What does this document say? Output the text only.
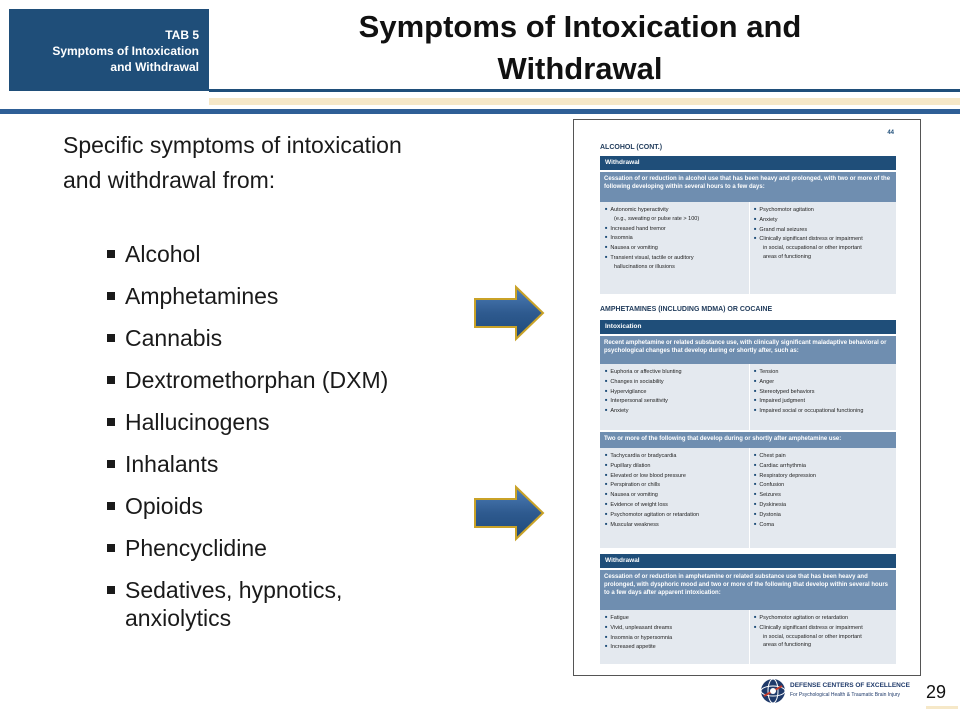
TAB 5
Symptoms of Intoxication
and Withdrawal
Symptoms of Intoxication and
Withdrawal
Specific symptoms of intoxication and withdrawal from:
Alcohol
Amphetamines
Cannabis
Dextromethorphan (DXM)
Hallucinogens
Inhalants
Opioids
Phencyclidine
Sedatives, hypnotics, anxiolytics
44
ALCOHOL (CONT.)
Withdrawal
Cessation of or reduction in alcohol use that has been heavy and prolonged, with two or more of the following developing within several hours to a few days:
■ Autonomic hyperactivity
(e.g., sweating or pulse rate > 100)
■ Increased hand tremor
■ Insomnia
■ Nausea or vomiting
■ Transient visual, tactile or auditory
hallucinations or illusions
■ Psychomotor agitation
■ Anxiety
■ Grand mal seizures
■ Clinically significant distress or impairment
in social, occupational or other important
areas of functioning
AMPHETAMINES (INCLUDING MDMA) OR COCAINE
Intoxication
Recent amphetamine or related substance use, with clinically significant maladaptive behavioral or psychological changes that develop during or shortly after, such as:
■ Euphoria or affective blunting
■ Changes in sociability
■ Hypervigilance
■ Interpersonal sensitivity
■ Anxiety
■ Tension
■ Anger
■ Stereotyped behaviors
■ Impaired judgment
■ Impaired social or occupational functioning
Two or more of the following that develop during or shortly after amphetamine use:
■ Tachycardia or bradycardia
■ Pupillary dilation
■ Elevated or low blood pressure
■ Perspiration or chills
■ Nausea or vomiting
■ Evidence of weight loss
■ Psychomotor agitation or retardation
■ Muscular weakness
■ Chest pain
■ Cardiac arrhythmia
■ Respiratory depression
■ Confusion
■ Seizures
■ Dyskinesia
■ Dystonia
■ Coma
Withdrawal
Cessation of or reduction in amphetamine or related substance use that has been heavy and prolonged, with dysphoric mood and two or more of the following that develop within several hours to a few days after apparent intoxication:
■ Fatigue
■ Vivid, unpleasant dreams
■ Insomnia or hypersomnia
■ Increased appetite
■ Psychomotor agitation or retardation
■ Clinically significant distress or impairment
in social, occupational or other important
areas of functioning
DEFENSE CENTERS OF EXCELLENCE
For Psychological Health & Traumatic Brain Injury 29
